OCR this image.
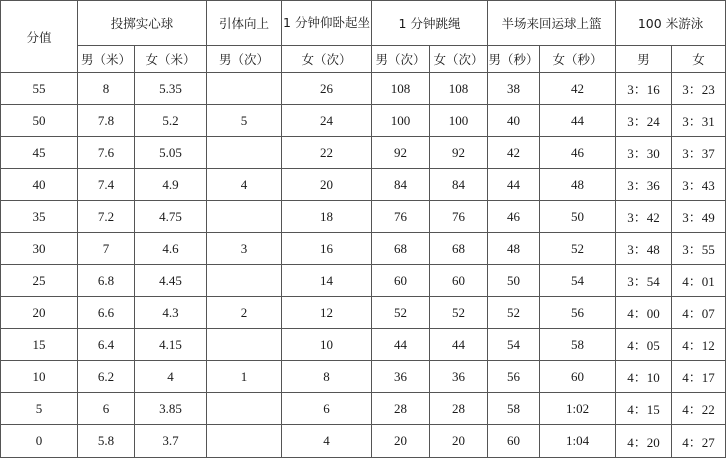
分值	投掷实心球		引体向上	1 分钟仰卧起坐	1 分钟跳绳		半场来回运球上篮		100 米游泳	
	男（米）	女（米）	男（次）	女（次）	男（次）	女（次）	男（秒）	女（秒）	男	女
55	8	5.35		26	108	108	38	42	3：16	3：23
50	7.8	5.2	5	24	100	100	40	44	3：24	3：31
45	7.6	5.05		22	92	92	42	46	3：30	3：37
40	7.4	4.9	4	20	84	84	44	48	3：36	3：43
35	7.2	4.75		18	76	76	46	50	3：42	3：49
30	7	4.6	3	16	68	68	48	52	3：48	3：55
25	6.8	4.45		14	60	60	50	54	3：54	4：01
20	6.6	4.3	2	12	52	52	52	56	4：00	4：07
15	6.4	4.15		10	44	44	54	58	4：05	4：12
10	6.2	4	1	8	36	36	56	60	4：10	4：17
5	6	3.85		6	28	28	58	1:02	4：15	4：22
0	5.8	3.7		4	20	20	60	1:04	4：20	4：27
